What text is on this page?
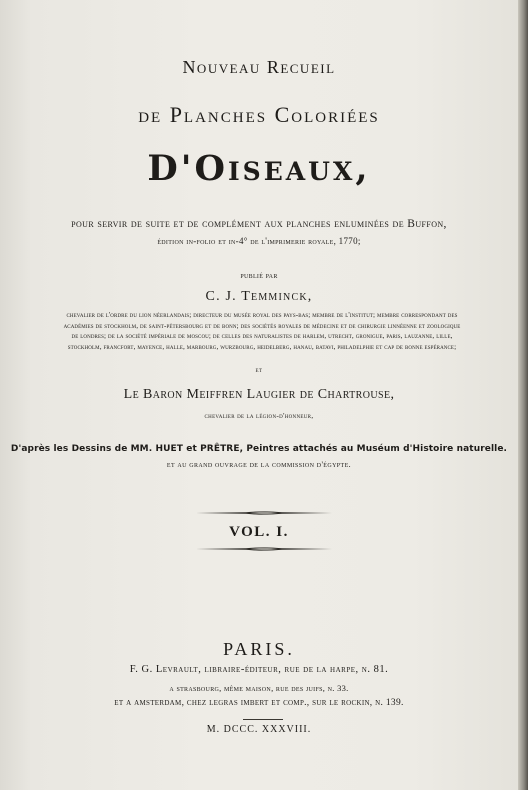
Nouveau Recueil
de Planches Coloriées
D'Oiseaux,
pour servir de suite et de complément aux planches enluminées de Buffon,
édition in-folio et in-4° de l'imprimerie royale, 1770;
publié par
C. J. Temminck,
chevalier de l'ordre du lion néerlandais; directeur du musée royal des pays-bas; membre de l'institut; membre correspondant des
académies de stockholm, de saint-pétersbourg et de bonn; des sociétés royales de médecine et de chirurgie linnéenne et zoologique
de londres; de la société impériale de moscou; de celles des naturalistes de harlem, utrecht, gronigue, paris, lauzanne, lille,
stockholm, francfort, mayence, halle, marbourg, wurzbourg, heidelberg, hanau, batavi, philadelphie et cap de bonne espérance;
et
Le Baron Meiffren Laugier de Chartrouse,
chevalier de la légion-d'honneur,
D'après les Dessins de MM. HUET et PRÊTRE, Peintres attachés au Muséum d'Histoire naturelle.
et au grand ouvrage de la commission d'égypte.
VOL. I.
PARIS.
F. G. Levrault, libraire-éditeur, rue de la harpe, n. 81.
a strasbourg, même maison, rue des juifs, n. 33.
et a amsterdam, chez legras imbert et comp., sur le rockin, n. 139.
M. DCCC. XXXVIII.
